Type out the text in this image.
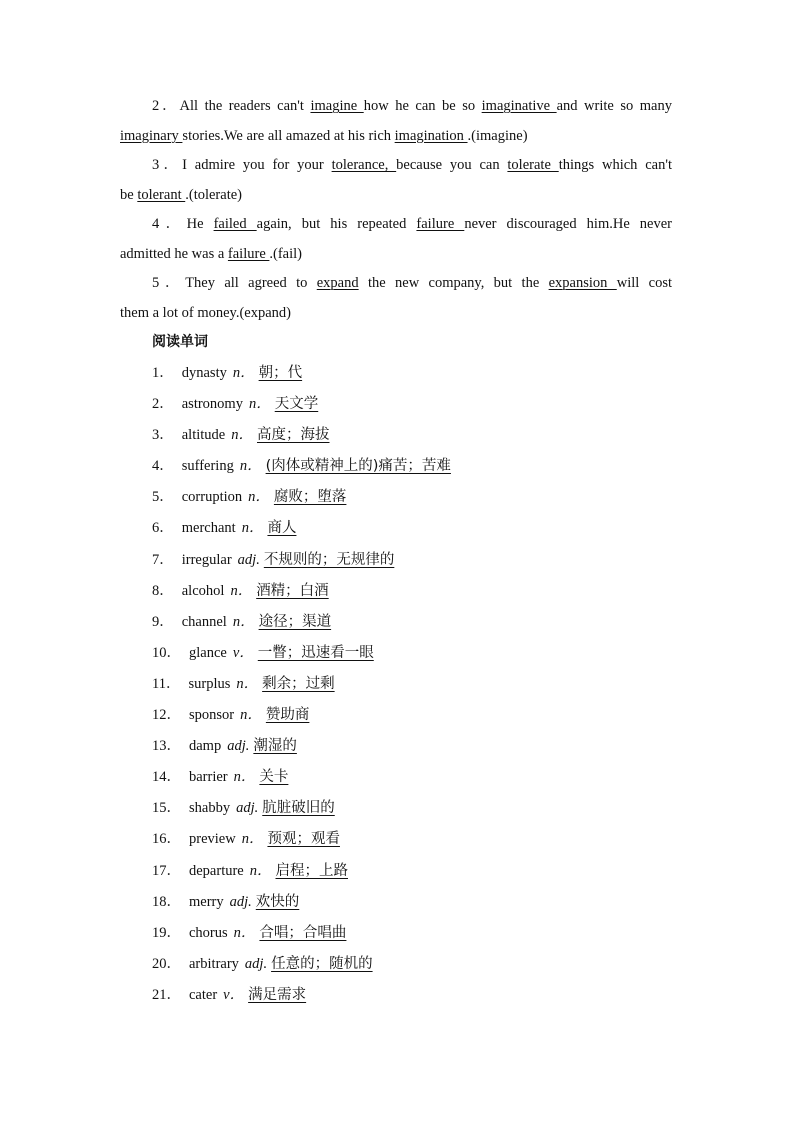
2．All the readers can't imagine how he can be so imaginative and write so many
imaginary stories.We are all amazed at his rich imagination .(imagine)
3．I admire you for your tolerance, because you can tolerate things which can't
be tolerant .(tolerate)
4．He failed again, but his repeated failure never discouraged him.He never
admitted he was a failure .(fail)
5．They all agreed to expand the new company, but the expansion will cost
them a lot of money.(expand)
阅读单词
1． dynasty n． 朝；代
2． astronomy n． 天文学
3． altitude n． 高度；海拔
4． suffering n． (肉体或精神上的)痛苦；苦难
5． corruption n． 腐败；堕落
6． merchant n． 商人
7． irregular adj. 不规则的；无规律的
8． alcohol n． 酒精；白酒
9． channel n． 途径；渠道
10． glance v． 一瞥；迅速看一眼
11． surplus n． 剩余；过剩
12． sponsor n． 赞助商
13． damp adj. 潮湿的
14． barrier n． 关卡
15． shabby adj. 肮脏破旧的
16． preview n． 预观；观看
17． departure n． 启程；上路
18． merry adj. 欢快的
19． chorus n． 合唱；合唱曲
20． arbitrary adj. 任意的；随机的
21． cater v． 满足需求
